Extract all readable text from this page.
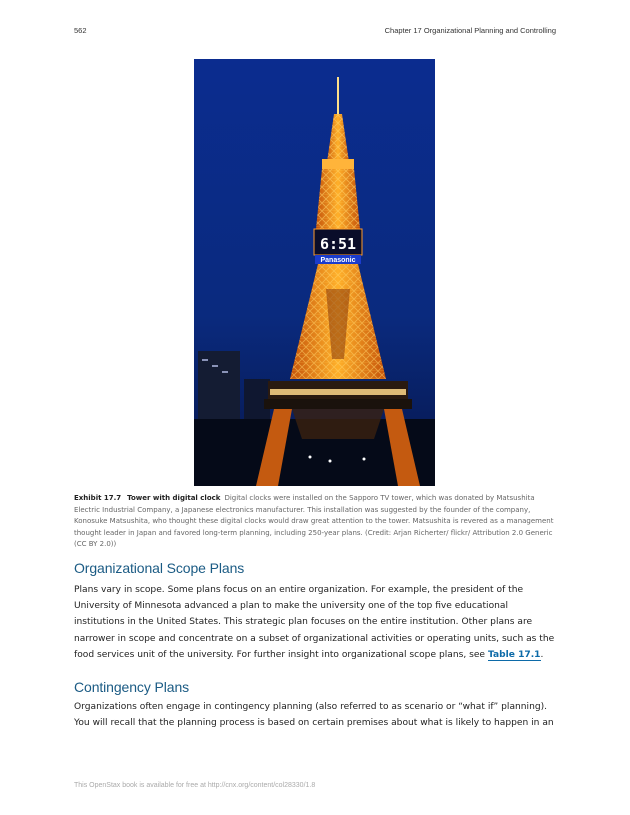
562	Chapter 17 Organizational Planning and Controlling
6:51
Panasonic
Exhibit 17.7 Tower with digital clock Digital clocks were installed on the Sapporo TV tower, which was donated by Matsushita Electric Industrial Company, a Japanese electronics manufacturer. This installation was suggested by the founder of the company, Konosuke Matsushita, who thought these digital clocks would draw great attention to the tower. Matsushita is revered as a management thought leader in Japan and favored long-term planning, including 250-year plans. (Credit: Arjan Richerter/ flickr/ Attribution 2.0 Generic (CC BY 2.0))
Organizational Scope Plans

Plans vary in scope. Some plans focus on an entire organization. For example, the president of the University of Minnesota advanced a plan to make the university one of the top five educational institutions in the United States. This strategic plan focuses on the entire institution. Other plans are narrower in scope and concentrate on a subset of organizational activities or operating units, such as the food services unit of the university. For further insight into organizational scope plans, see Table 17.1.

Contingency Plans

Organizations often engage in contingency planning (also referred to as scenario or “what if” planning). You will recall that the planning process is based on certain premises about what is likely to happen in an

This OpenStax book is available for free at http://cnx.org/content/col28330/1.8
